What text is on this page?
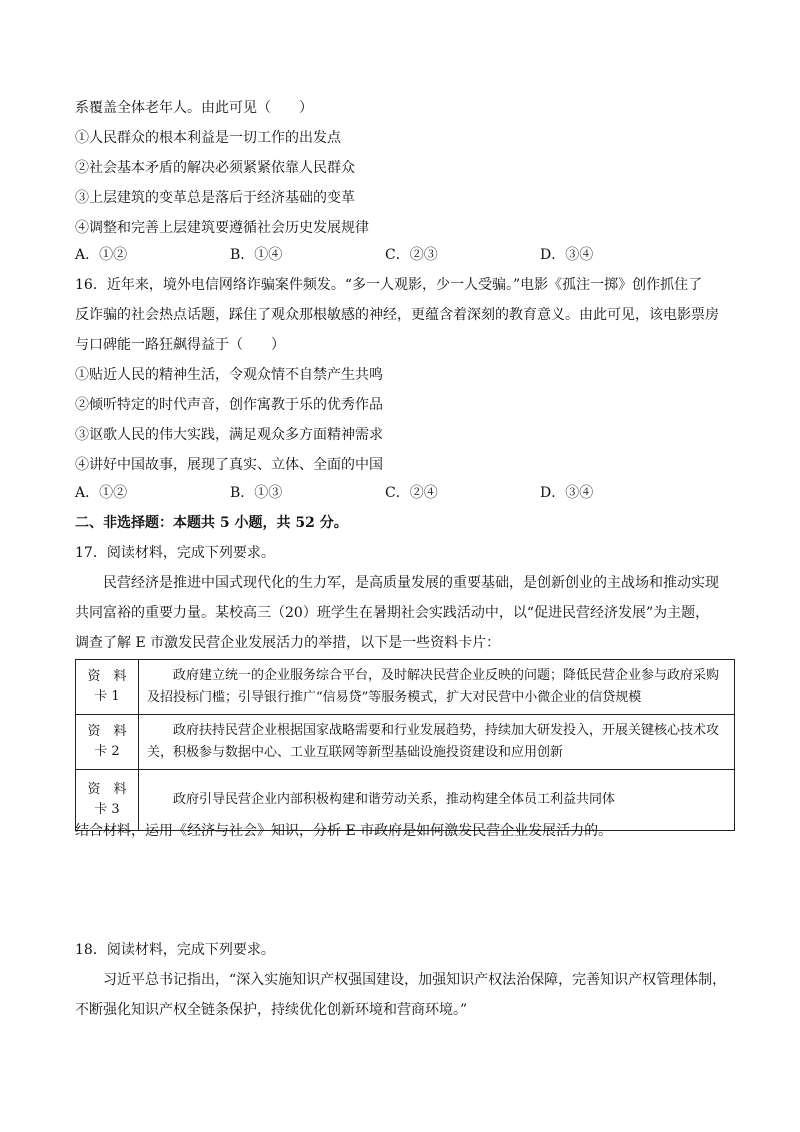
系覆盖全体老年人。由此可见（　　）
①人民群众的根本利益是一切工作的出发点
②社会基本矛盾的解决必须紧紧依靠人民群众
③上层建筑的变革总是落后于经济基础的变革
④调整和完善上层建筑要遵循社会历史发展规律
A．①②	B．①④	C．②③	D．③④
16．近年来，境外电信网络诈骗案件频发。“多一人观影，少一人受骗。”电影《孤注一掷》创作抓住了
反诈骗的社会热点话题，踩住了观众那根敏感的神经，更蕴含着深刻的教育意义。由此可见，该电影票房
与口碑能一路狂飙得益于（　　）
①贴近人民的精神生活，令观众情不自禁产生共鸣
②倾听特定的时代声音，创作寓教于乐的优秀作品
③讴歌人民的伟大实践，满足观众多方面精神需求
④讲好中国故事，展现了真实、立体、全面的中国
A．①②	B．①③	C．②④	D．③④
二、非选择题：本题共 5 小题，共 52 分。
17．阅读材料，完成下列要求。
民营经济是推进中国式现代化的生力军，是高质量发展的重要基础，是创新创业的主战场和推动实现
共同富裕的重要力量。某校高三（20）班学生在暑期社会实践活动中，以“促进民营经济发展”为主题，
调查了解 E 市激发民营企业发展活力的举措，以下是一些资料卡片：
资　料
卡 1	政府建立统一的企业服务综合平台，及时解决民营企业反映的问题；降低民营企业参与政府采购及招投标门槛；引导银行推广“信易贷”等服务模式，扩大对民营中小微企业的信贷规模

资　料
卡 2	政府扶持民营企业根据国家战略需要和行业发展趋势，持续加大研发投入，开展关键核心技术攻关，积极参与数据中心、工业互联网等新型基础设施投资建设和应用创新

资　料
卡 3	政府引导民营企业内部积极构建和谐劳动关系，推动构建全体员工利益共同体
结合材料，运用《经济与社会》知识，分析 E 市政府是如何激发民营企业发展活力的。
18．阅读材料，完成下列要求。
习近平总书记指出，“深入实施知识产权强国建设，加强知识产权法治保障，完善知识产权管理体制，
不断强化知识产权全链条保护，持续优化创新环境和营商环境。”
